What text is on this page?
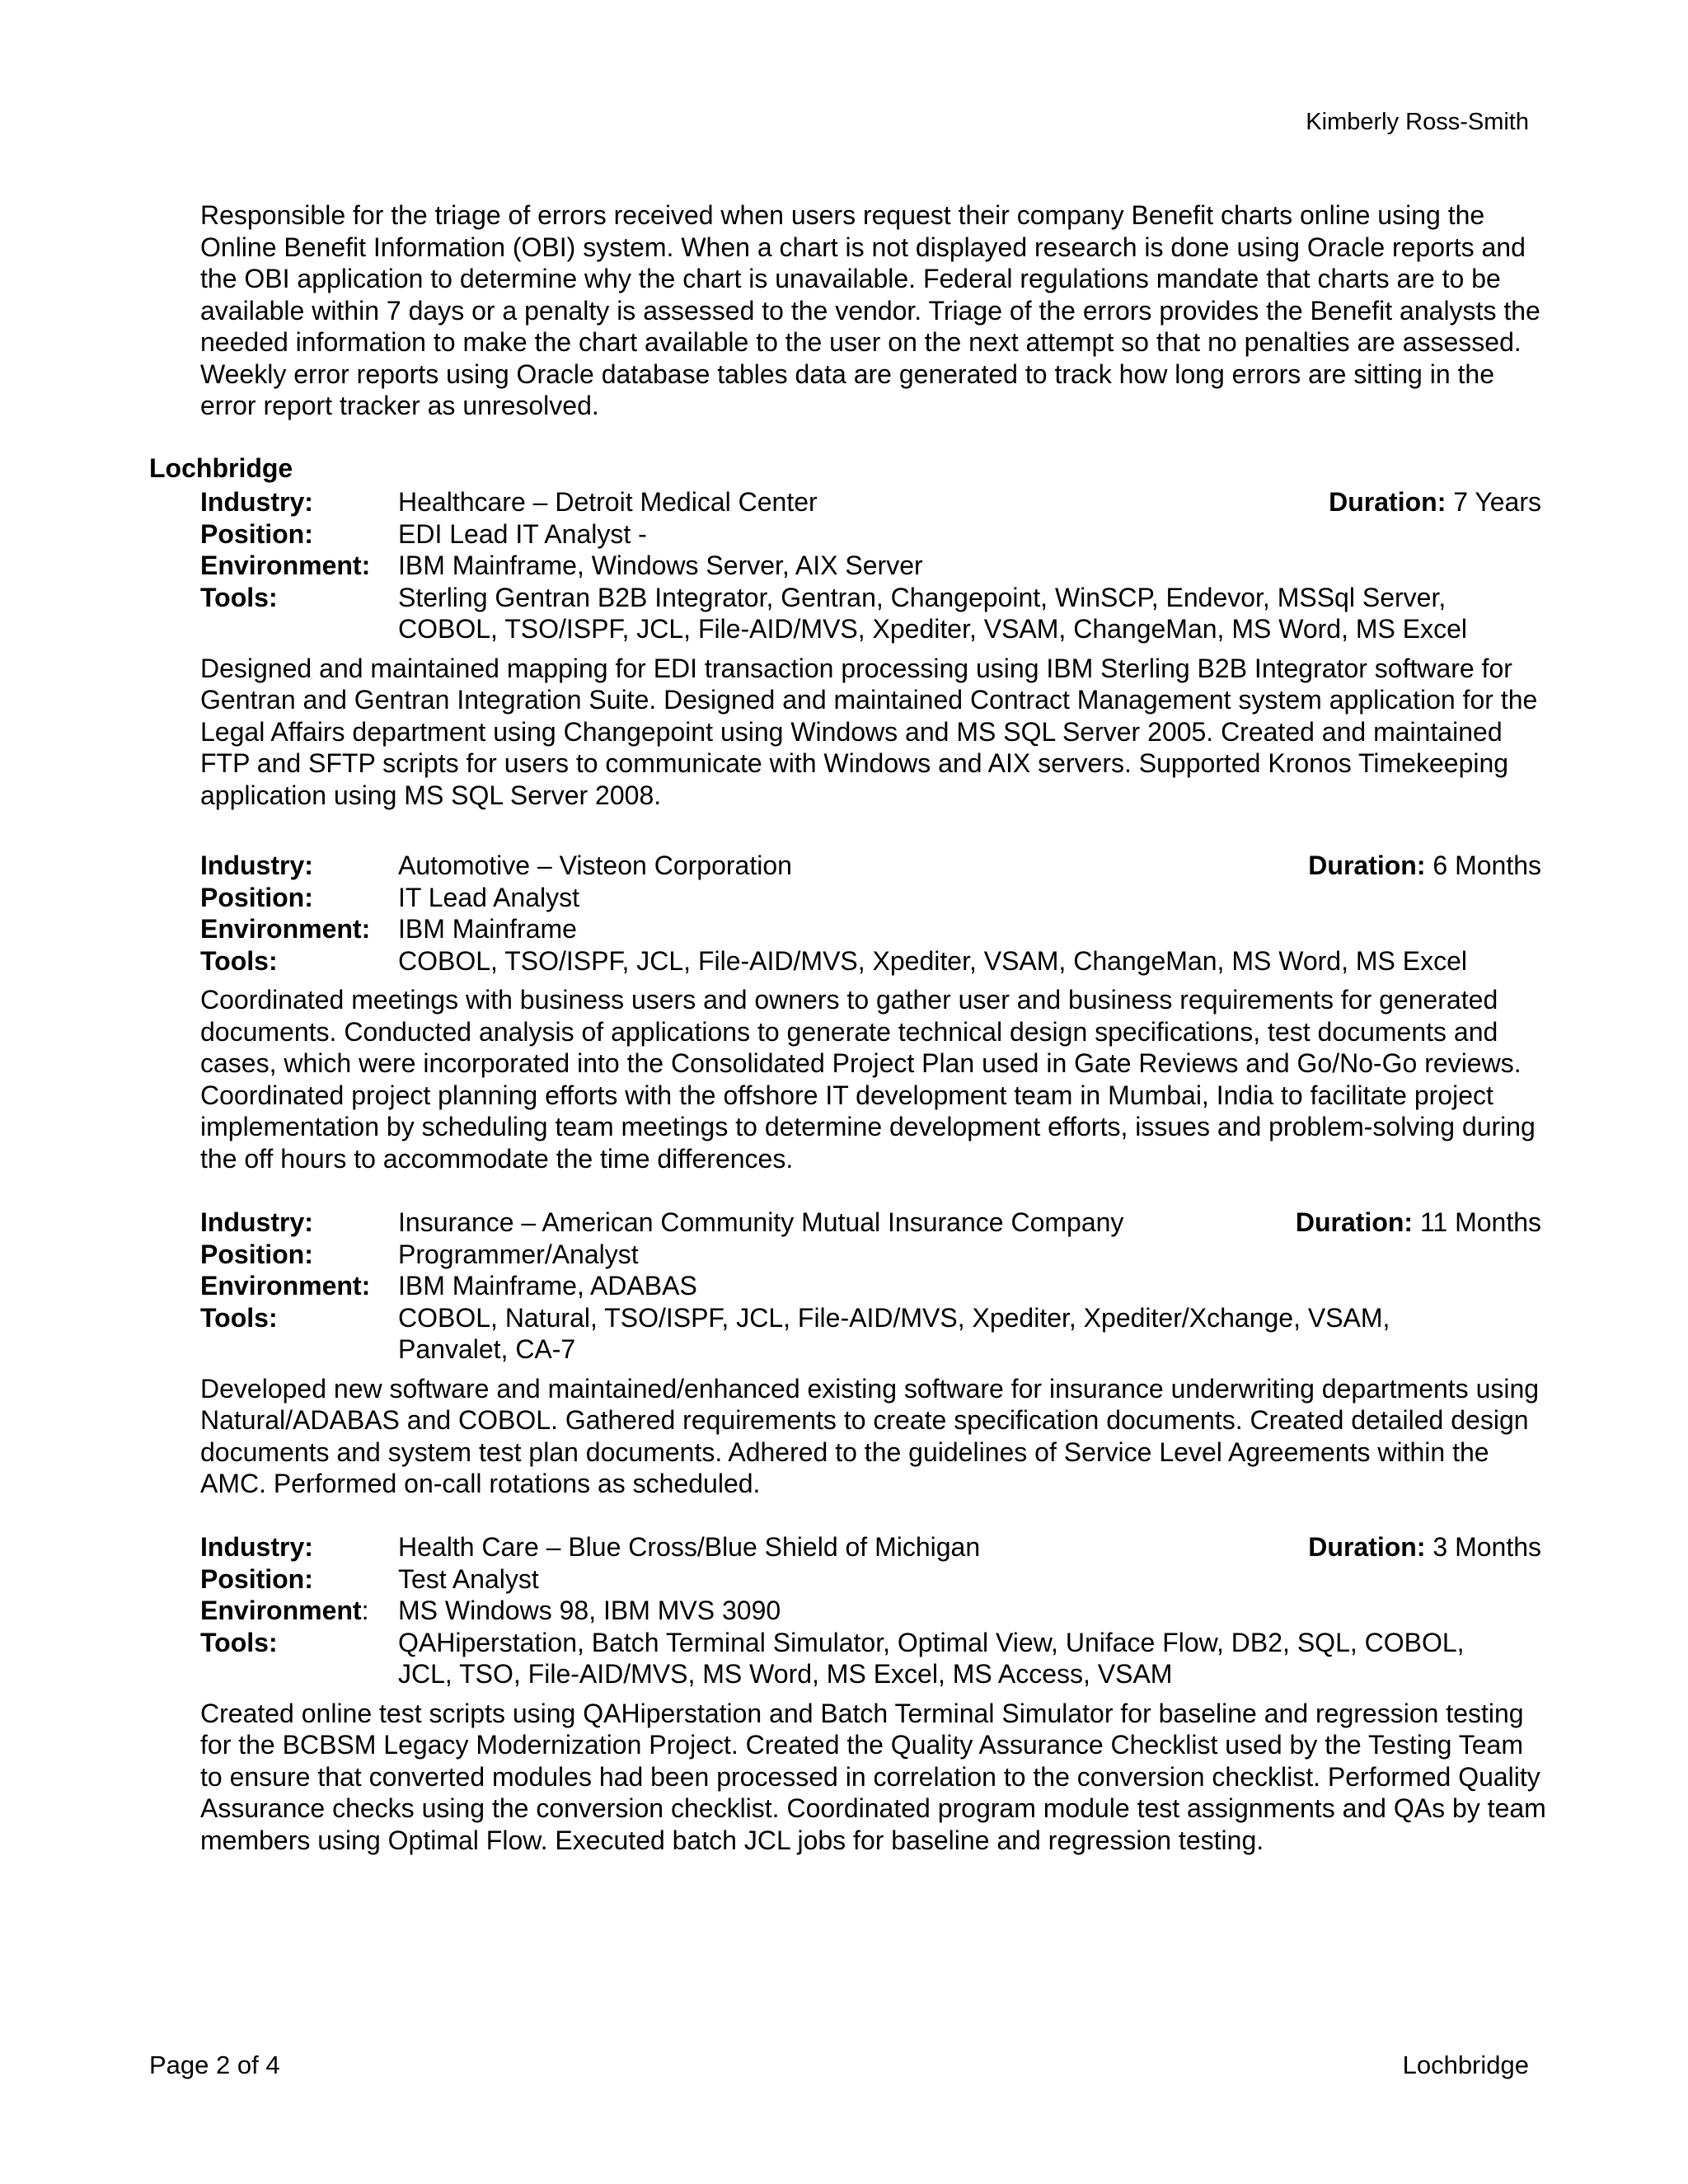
Kimberly Ross-Smith

Responsible for the triage of errors received when users request their company Benefit charts online using the Online Benefit Information (OBI) system. When a chart is not displayed research is done using Oracle reports and the OBI application to determine why the chart is unavailable. Federal regulations mandate that charts are to be available within 7 days or a penalty is assessed to the vendor. Triage of the errors provides the Benefit analysts the needed information to make the chart available to the user on the next attempt so that no penalties are assessed. Weekly error reports using Oracle database tables data are generated to track how long errors are sitting in the error report tracker as unresolved.

Lochbridge
Industry:	Healthcare – Detroit Medical Center	Duration: 7 Years
Position:	EDI Lead IT Analyst -
Environment:	IBM Mainframe, Windows Server, AIX Server
Tools:	Sterling Gentran B2B Integrator, Gentran, Changepoint, WinSCP, Endevor, MSSql Server,
COBOL, TSO/ISPF, JCL, File-AID/MVS, Xpediter, VSAM, ChangeMan, MS Word, MS Excel

Designed and maintained mapping for EDI transaction processing using IBM Sterling B2B Integrator software for Gentran and Gentran Integration Suite. Designed and maintained Contract Management system application for the Legal Affairs department using Changepoint using Windows and MS SQL Server 2005. Created and maintained FTP and SFTP scripts for users to communicate with Windows and AIX servers. Supported Kronos Timekeeping application using MS SQL Server 2008.

Industry:	Automotive – Visteon Corporation	Duration: 6 Months
Position:	IT Lead Analyst
Environment:	IBM Mainframe
Tools:	COBOL, TSO/ISPF, JCL, File-AID/MVS, Xpediter, VSAM, ChangeMan, MS Word, MS Excel

Coordinated meetings with business users and owners to gather user and business requirements for generated documents. Conducted analysis of applications to generate technical design specifications, test documents and cases, which were incorporated into the Consolidated Project Plan used in Gate Reviews and Go/No-Go reviews. Coordinated project planning efforts with the offshore IT development team in Mumbai, India to facilitate project implementation by scheduling team meetings to determine development efforts, issues and problem-solving during the off hours to accommodate the time differences.

Industry:	Insurance – American Community Mutual Insurance Company	Duration: 11 Months
Position:	Programmer/Analyst
Environment:	IBM Mainframe, ADABAS
Tools:	COBOL, Natural, TSO/ISPF, JCL, File-AID/MVS, Xpediter, Xpediter/Xchange, VSAM,
Panvalet, CA-7

Developed new software and maintained/enhanced existing software for insurance underwriting departments using Natural/ADABAS and COBOL. Gathered requirements to create specification documents. Created detailed design documents and system test plan documents. Adhered to the guidelines of Service Level Agreements within the AMC. Performed on-call rotations as scheduled.

Industry:	Health Care – Blue Cross/Blue Shield of Michigan	Duration: 3 Months
Position:	Test Analyst
Environment:	MS Windows 98, IBM MVS 3090
Tools:	QAHiperstation, Batch Terminal Simulator, Optimal View, Uniface Flow, DB2, SQL, COBOL,
JCL, TSO, File-AID/MVS, MS Word, MS Excel, MS Access, VSAM

Created online test scripts using QAHiperstation and Batch Terminal Simulator for baseline and regression testing for the BCBSM Legacy Modernization Project. Created the Quality Assurance Checklist used by the Testing Team to ensure that converted modules had been processed in correlation to the conversion checklist. Performed Quality Assurance checks using the conversion checklist. Coordinated program module test assignments and QAs by team members using Optimal Flow. Executed batch JCL jobs for baseline and regression testing.

Page 2 of 4	Lochbridge
